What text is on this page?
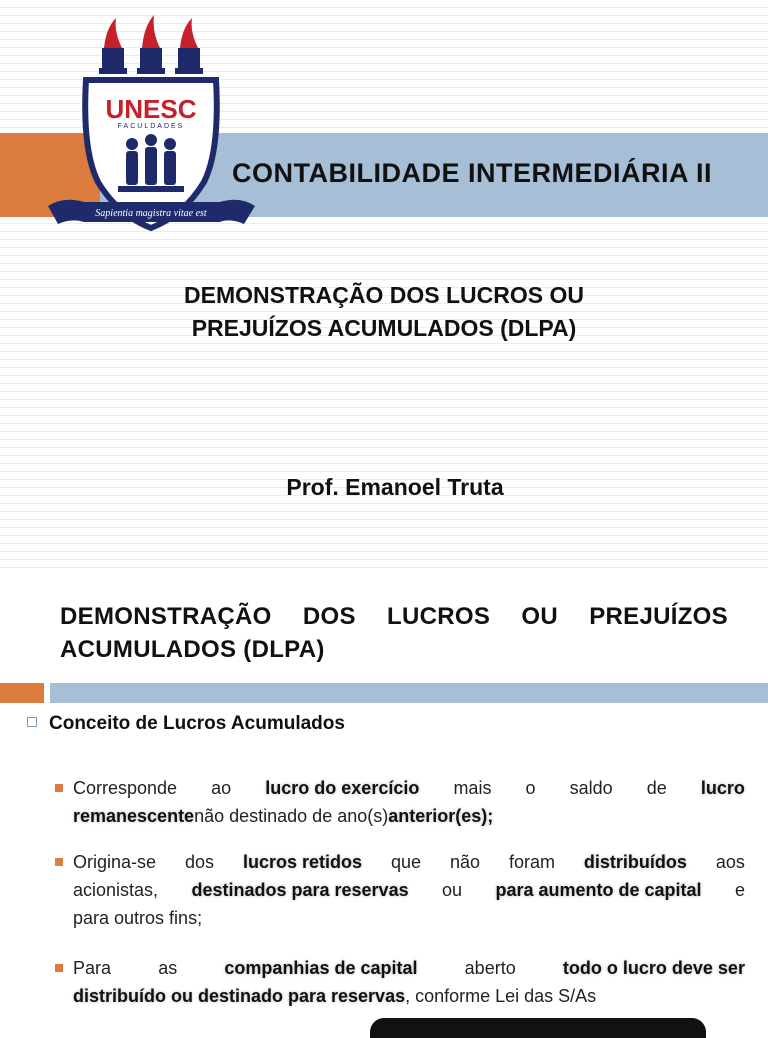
CONTABILIDADE INTERMEDIÁRIA II
UNESC
FACULDADES
Sapientia magistra vitae est
DEMONSTRAÇÃO DOS LUCROS OU
PREJUÍZOS ACUMULADOS (DLPA)
Prof. Emanoel Truta
DEMONSTRAÇÃO DOS LUCROS OU PREJUÍZOS
ACUMULADOS (DLPA)
Conceito de Lucros Acumulados
Corresponde ao lucro do exercício mais o saldo de lucro
remanescente não destinado de ano(s) anterior(es);
Origina-se dos lucros retidos que não foram distribuídos aos
acionistas, destinados para reservas ou para aumento de capital e
para outros fins;
Para	as	companhias de capital	aberto	todo o lucro deve ser
distribuído ou destinado para reservas , conforme Lei das S/As
